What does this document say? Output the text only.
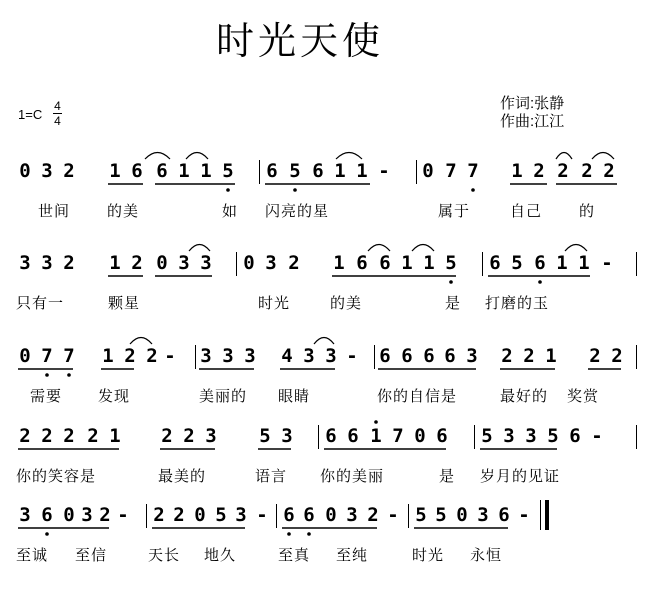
时光天使
1=C
4
4
作词:张静
作曲:江江
0 3 2 1 6 6 1 1 5 6 5 6 1 1 - 0 7 7 1 2 2 2 2
世间 的美	如 闪亮的星	属于	自己 的
3 3 2 1 2 0 3 3 0 3 2 1 6 6 1 1 5 6 5 6 1 1 -
只有一	颗星	时光	的美	是 打磨的玉
0 7 7 1 2 2 - 3 3 3 4 3 3 - 6 6 6 6 3 2 2 1 2 2
需要 发现	美丽的 眼睛	你的自信是	最好的 奖赏
2 2 2 2 1 2 2 3 5 3 6 6 1 7 0 6 5 3 3 5 6 -
你的笑容是	最美的	语言 你的美丽	是 岁月的见证
3 6 0 3 2 - 2 2 0 5 3 - 6 6 0 3 2 - 5 5 0 3 6 -
至诚 至信	天长 地久	至真 至纯	时光 永恒
